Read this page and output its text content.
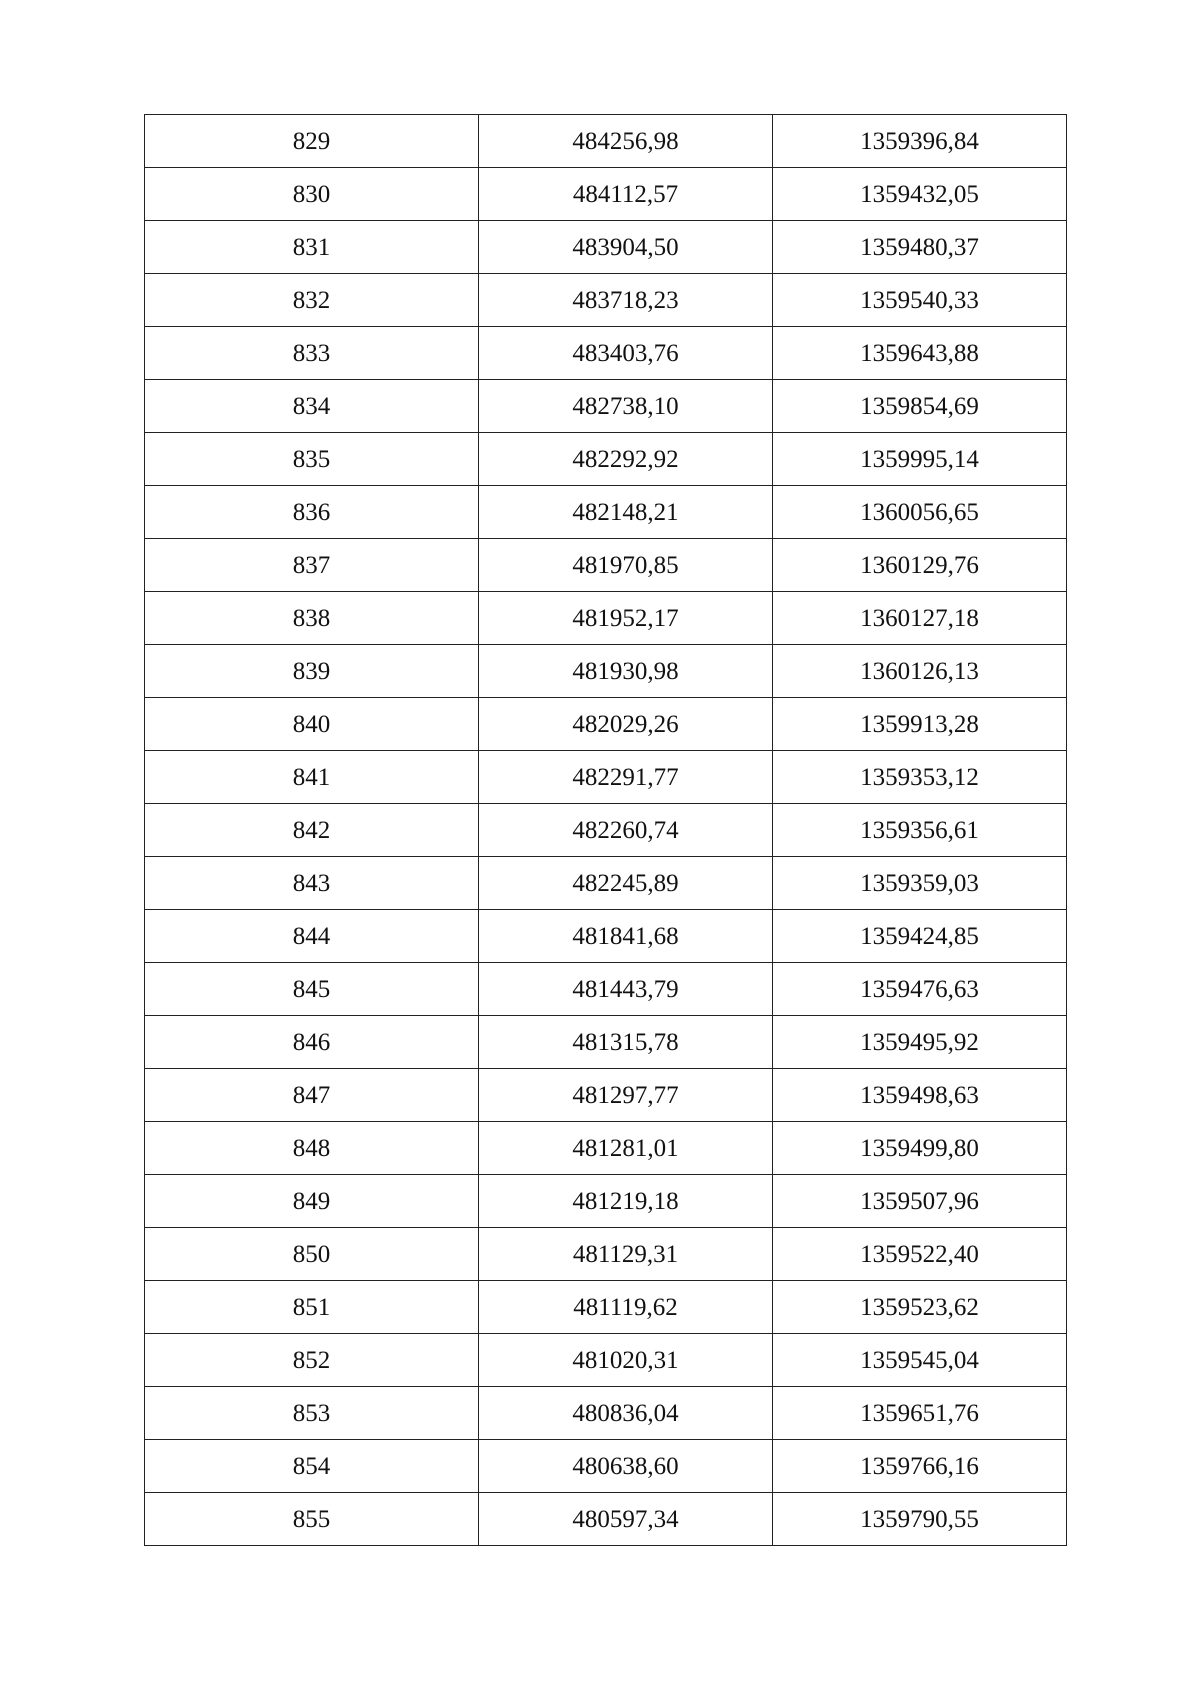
829	484256,98	1359396,84
830	484112,57	1359432,05
831	483904,50	1359480,37
832	483718,23	1359540,33
833	483403,76	1359643,88
834	482738,10	1359854,69
835	482292,92	1359995,14
836	482148,21	1360056,65
837	481970,85	1360129,76
838	481952,17	1360127,18
839	481930,98	1360126,13
840	482029,26	1359913,28
841	482291,77	1359353,12
842	482260,74	1359356,61
843	482245,89	1359359,03
844	481841,68	1359424,85
845	481443,79	1359476,63
846	481315,78	1359495,92
847	481297,77	1359498,63
848	481281,01	1359499,80
849	481219,18	1359507,96
850	481129,31	1359522,40
851	481119,62	1359523,62
852	481020,31	1359545,04
853	480836,04	1359651,76
854	480638,60	1359766,16
855	480597,34	1359790,55
